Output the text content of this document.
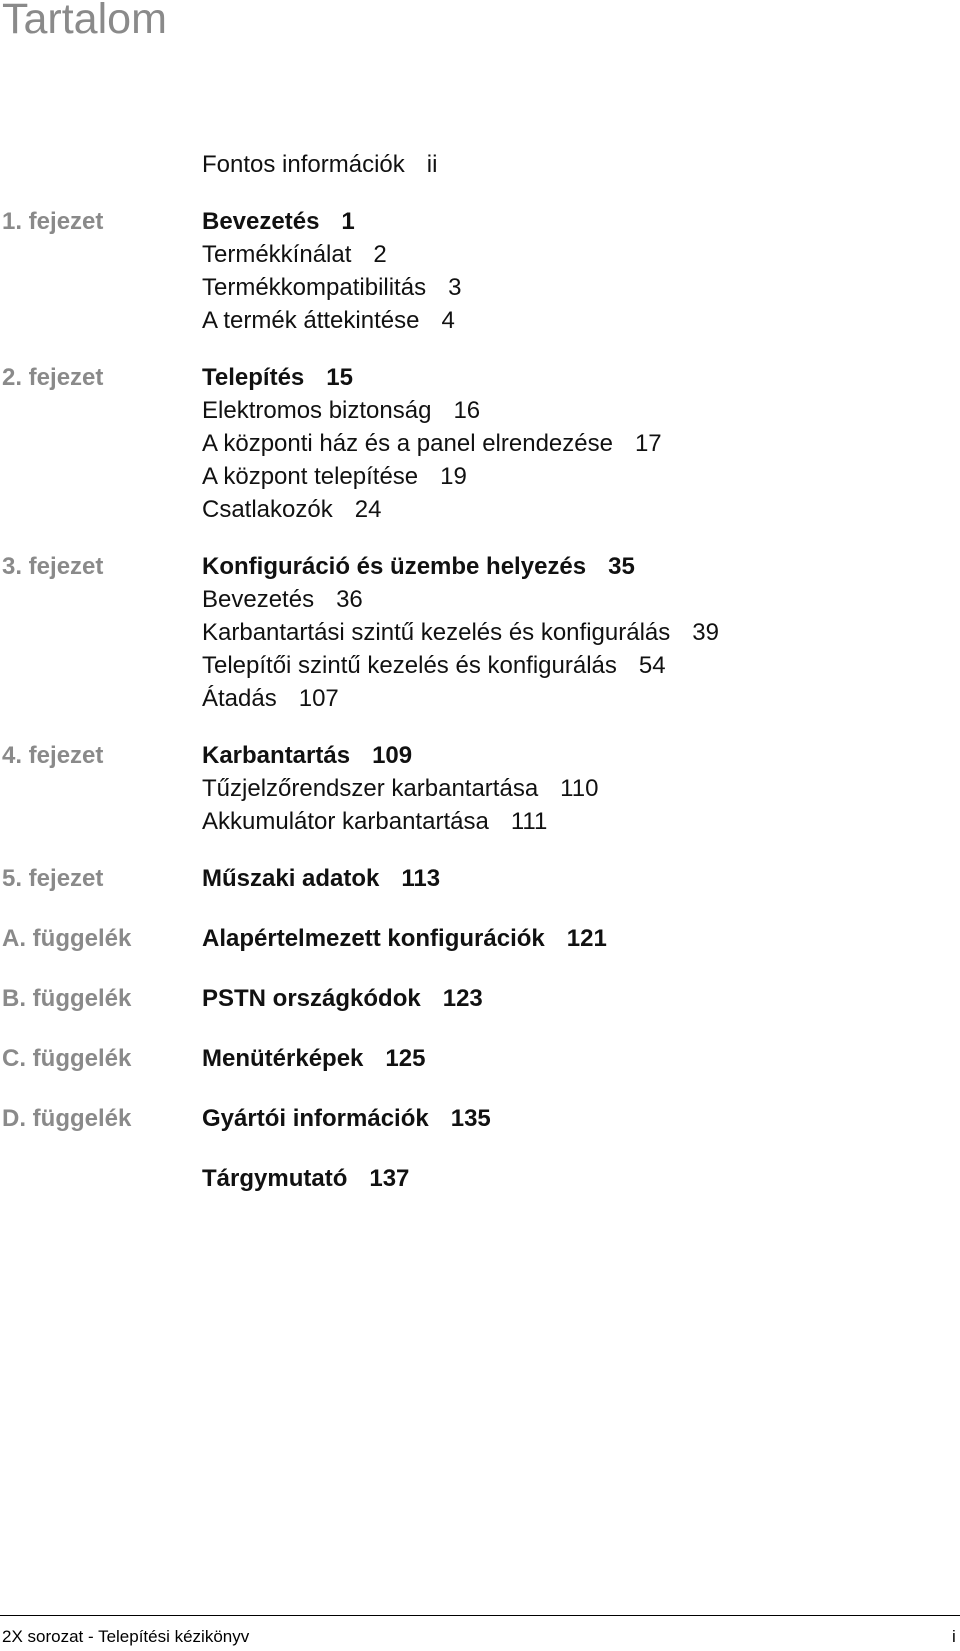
Tartalom
Fontos információk ii
1. fejezet	Bevezetés 1
Termékkínálat 2
Termékkompatibilitás 3
A termék áttekintése 4
2. fejezet	Telepítés 15
Elektromos biztonság 16
A központi ház és a panel elrendezése 17
A központ telepítése 19
Csatlakozók 24
3. fejezet	Konfiguráció és üzembe helyezés 35
Bevezetés 36
Karbantartási szintű kezelés és konfigurálás 39
Telepítői szintű kezelés és konfigurálás 54
Átadás 107
4. fejezet	Karbantartás 109
Tűzjelzőrendszer karbantartása 110
Akkumulátor karbantartása 111
5. fejezet	Műszaki adatok 113
A. függelék	Alapértelmezett konfigurációk 121
B. függelék	PSTN országkódok 123
C. függelék	Menütérképek 125
D. függelék	Gyártói információk 135
Tárgymutató 137
2X sorozat - Telepítési kézikönyv	i
